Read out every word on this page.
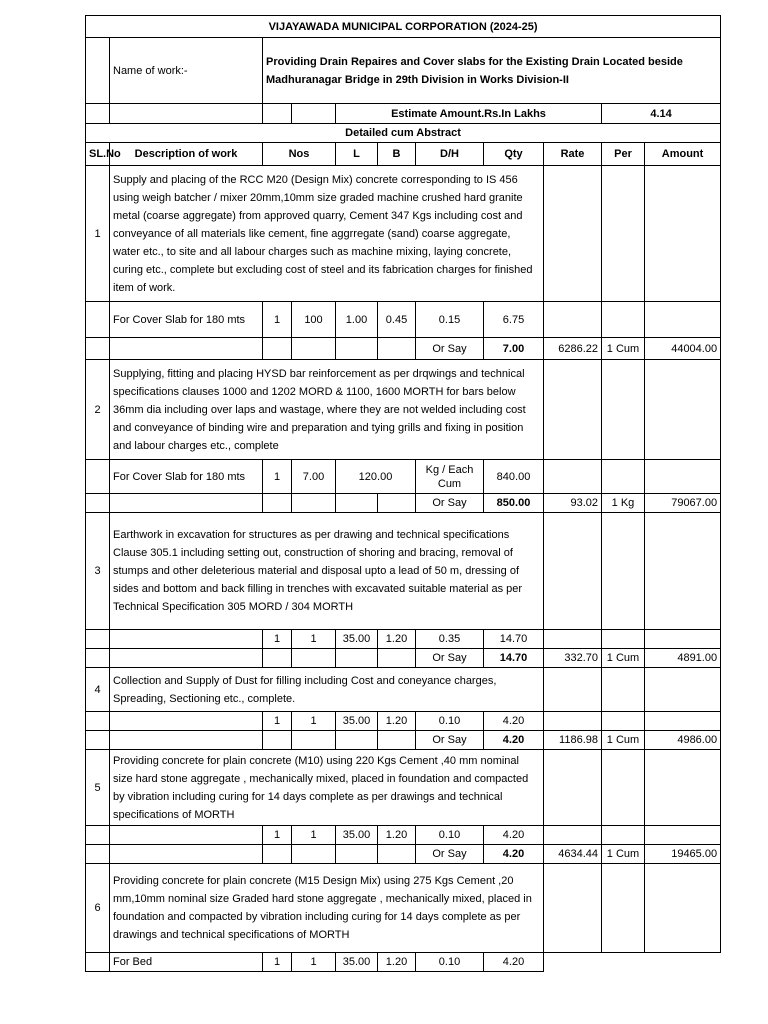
VIJAYAWADA MUNICIPAL CORPORATION (2024-25)										
	Name of work:-	Providing Drain Repaires and Cover slabs for the Existing Drain Located beside Madhuranagar Bridge in 29th Division in Works Division-II								
				Estimate Amount.Rs.In Lakhs					4.14	
Detailed cum Abstract										
SL.No	Description of work	Nos		L	B	D/H	Qty	Rate	Per	Amount
1	Supply and placing of the RCC M20 (Design Mix) concrete corresponding to IS 456 using weigh batcher / mixer 20mm,10mm size graded machine crushed hard granite metal (coarse aggregate) from approved quarry, Cement 347 Kgs including cost and conveyance of all materials like cement, fine aggrregate (sand) coarse aggregate, water etc., to site and all labour charges such as machine mixing, laying concrete, curing etc., complete but excluding cost of steel and its fabrication charges for finished item of work.									
	For Cover Slab for 180 mts	1	100	1.00	0.45	0.15	6.75			
						Or Say	7.00	6286.22	1 Cum	44004.00
2	Supplying, fitting and placing HYSD bar reinforcement as per drqwings and technical specifications clauses 1000 and 1202 MORD & 1100, 1600 MORTH for bars below 36mm dia including over laps and wastage, where they are not welded including cost and conveyance of binding wire and preparation and tying grills and fixing in position and labour charges etc., complete									
	For Cover Slab for 180 mts	1	7.00	120.00		Kg / Each Cum	840.00			
						Or Say	850.00	93.02	1 Kg	79067.00
3	Earthwork in excavation for structures as per drawing and technical specifications Clause 305.1 including setting out, construction of shoring and bracing, removal of stumps and other deleterious material and disposal upto a lead of 50 m, dressing of sides and bottom and back filling in trenches with excavated suitable material as per Technical Specification 305 MORD / 304 MORTH									
		1	1	35.00	1.20	0.35	14.70			
						Or Say	14.70	332.70	1 Cum	4891.00
4	Collection and Supply of Dust for filling including Cost and coneyance charges, Spreading, Sectioning etc., complete.									
		1	1	35.00	1.20	0.10	4.20			
						Or Say	4.20	1186.98	1 Cum	4986.00
5	Providing concrete for plain concrete (M10) using 220 Kgs Cement ,40 mm nominal size hard stone aggregate , mechanically mixed, placed in foundation and compacted by vibration including curing for 14 days complete as per drawings and technical specifications of MORTH									
		1	1	35.00	1.20	0.10	4.20			
						Or Say	4.20	4634.44	1 Cum	19465.00
6	Providing concrete for plain concrete (M15 Design Mix) using 275 Kgs Cement ,20 mm,10mm nominal size Graded hard stone aggregate , mechanically mixed, placed in foundation and compacted by vibration including curing for 14 days complete as per drawings and technical specifications of MORTH									
	For Bed	1	1	35.00	1.20	0.10	4.20			
